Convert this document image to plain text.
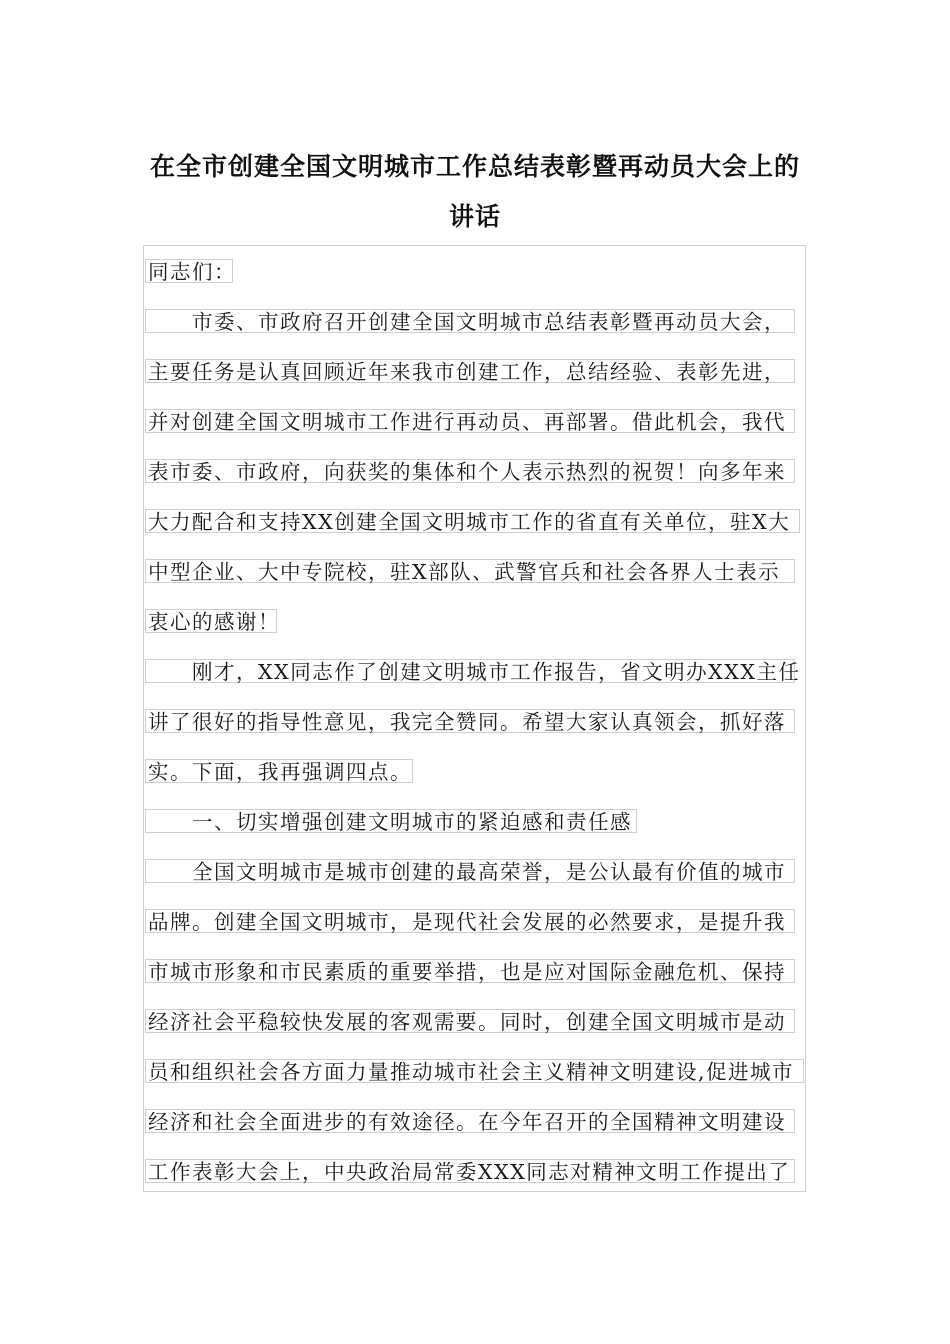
在全市创建全国文明城市工作总结表彰暨再动员大会上的
讲话
同志们：
　　市委、市政府召开创建全国文明城市总结表彰暨再动员大会，
主要任务是认真回顾近年来我市创建工作，总结经验、表彰先进，
并对创建全国文明城市工作进行再动员、再部署。借此机会，我代
表市委、市政府，向获奖的集体和个人表示热烈的祝贺！向多年来
大力配合和支持XX创建全国文明城市工作的省直有关单位，驻X大
中型企业、大中专院校，驻X部队、武警官兵和社会各界人士表示
衷心的感谢！
　　刚才，XX同志作了创建文明城市工作报告，省文明办XXX主任
讲了很好的指导性意见，我完全赞同。希望大家认真领会，抓好落
实。下面，我再强调四点。
　　一、切实增强创建文明城市的紧迫感和责任感
　　全国文明城市是城市创建的最高荣誉，是公认最有价值的城市
品牌。创建全国文明城市，是现代社会发展的必然要求，是提升我
市城市形象和市民素质的重要举措，也是应对国际金融危机、保持
经济社会平稳较快发展的客观需要。同时，创建全国文明城市是动
员和组织社会各方面力量推动城市社会主义精神文明建设,促进城市
经济和社会全面进步的有效途径。在今年召开的全国精神文明建设
工作表彰大会上，中央政治局常委XXX同志对精神文明工作提出了
